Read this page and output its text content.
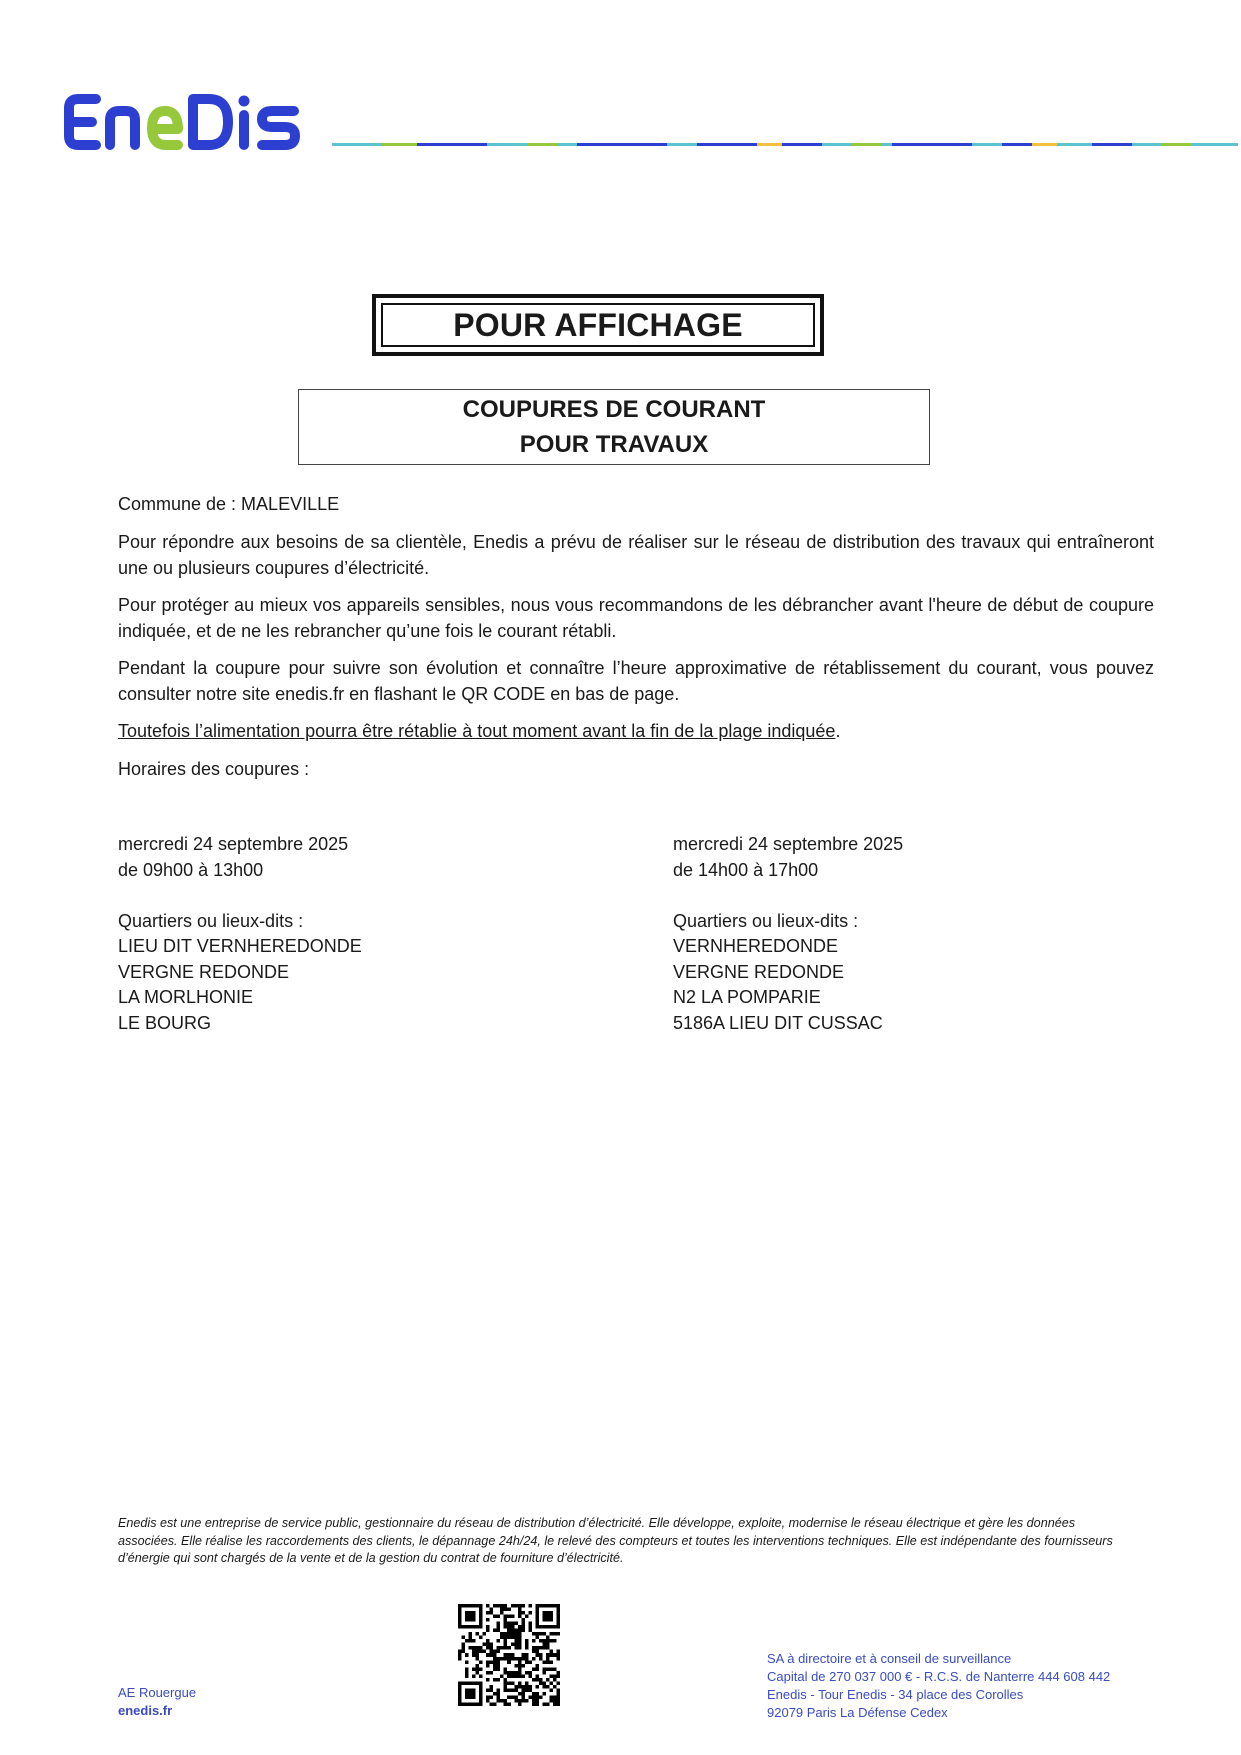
POUR AFFICHAGE
COUPURES DE COURANT
POUR TRAVAUX
Commune de : MALEVILLE
Pour répondre aux besoins de sa clientèle, Enedis a prévu de réaliser sur le réseau de distribution des travaux qui entraîneront une ou plusieurs coupures d’électricité.
Pour protéger au mieux vos appareils sensibles, nous vous recommandons de les débrancher avant l'heure de début de coupure indiquée, et de ne les rebrancher qu’une fois le courant rétabli.
Pendant la coupure pour suivre son évolution et connaître l’heure approximative de rétablissement du courant, vous pouvez consulter notre site enedis.fr en flashant le QR CODE en bas de page.
Toutefois l’alimentation pourra être rétablie à tout moment avant la fin de la plage indiquée.
Horaires des coupures :
mercredi 24 septembre 2025
de 09h00 à 13h00
Quartiers ou lieux-dits :
LIEU DIT VERNHEREDONDE
VERGNE REDONDE
LA MORLHONIE
LE BOURG
mercredi 24 septembre 2025
de 14h00 à 17h00
Quartiers ou lieux-dits :
VERNHEREDONDE
VERGNE REDONDE
N2 LA POMPARIE
5186A LIEU DIT CUSSAC
Enedis est une entreprise de service public, gestionnaire du réseau de distribution d’électricité. Elle développe, exploite, modernise le réseau électrique et gère les données associées. Elle réalise les raccordements des clients, le dépannage 24h/24, le relevé des compteurs et toutes les interventions techniques. Elle est indépendante des fournisseurs d’énergie qui sont chargés de la vente et de la gestion du contrat de fourniture d’électricité.
AE Rouergue
enedis.fr
SA à directoire et à conseil de surveillance
Capital de 270 037 000 € - R.C.S. de Nanterre 444 608 442
Enedis - Tour Enedis - 34 place des Corolles
92079 Paris La Défense Cedex
